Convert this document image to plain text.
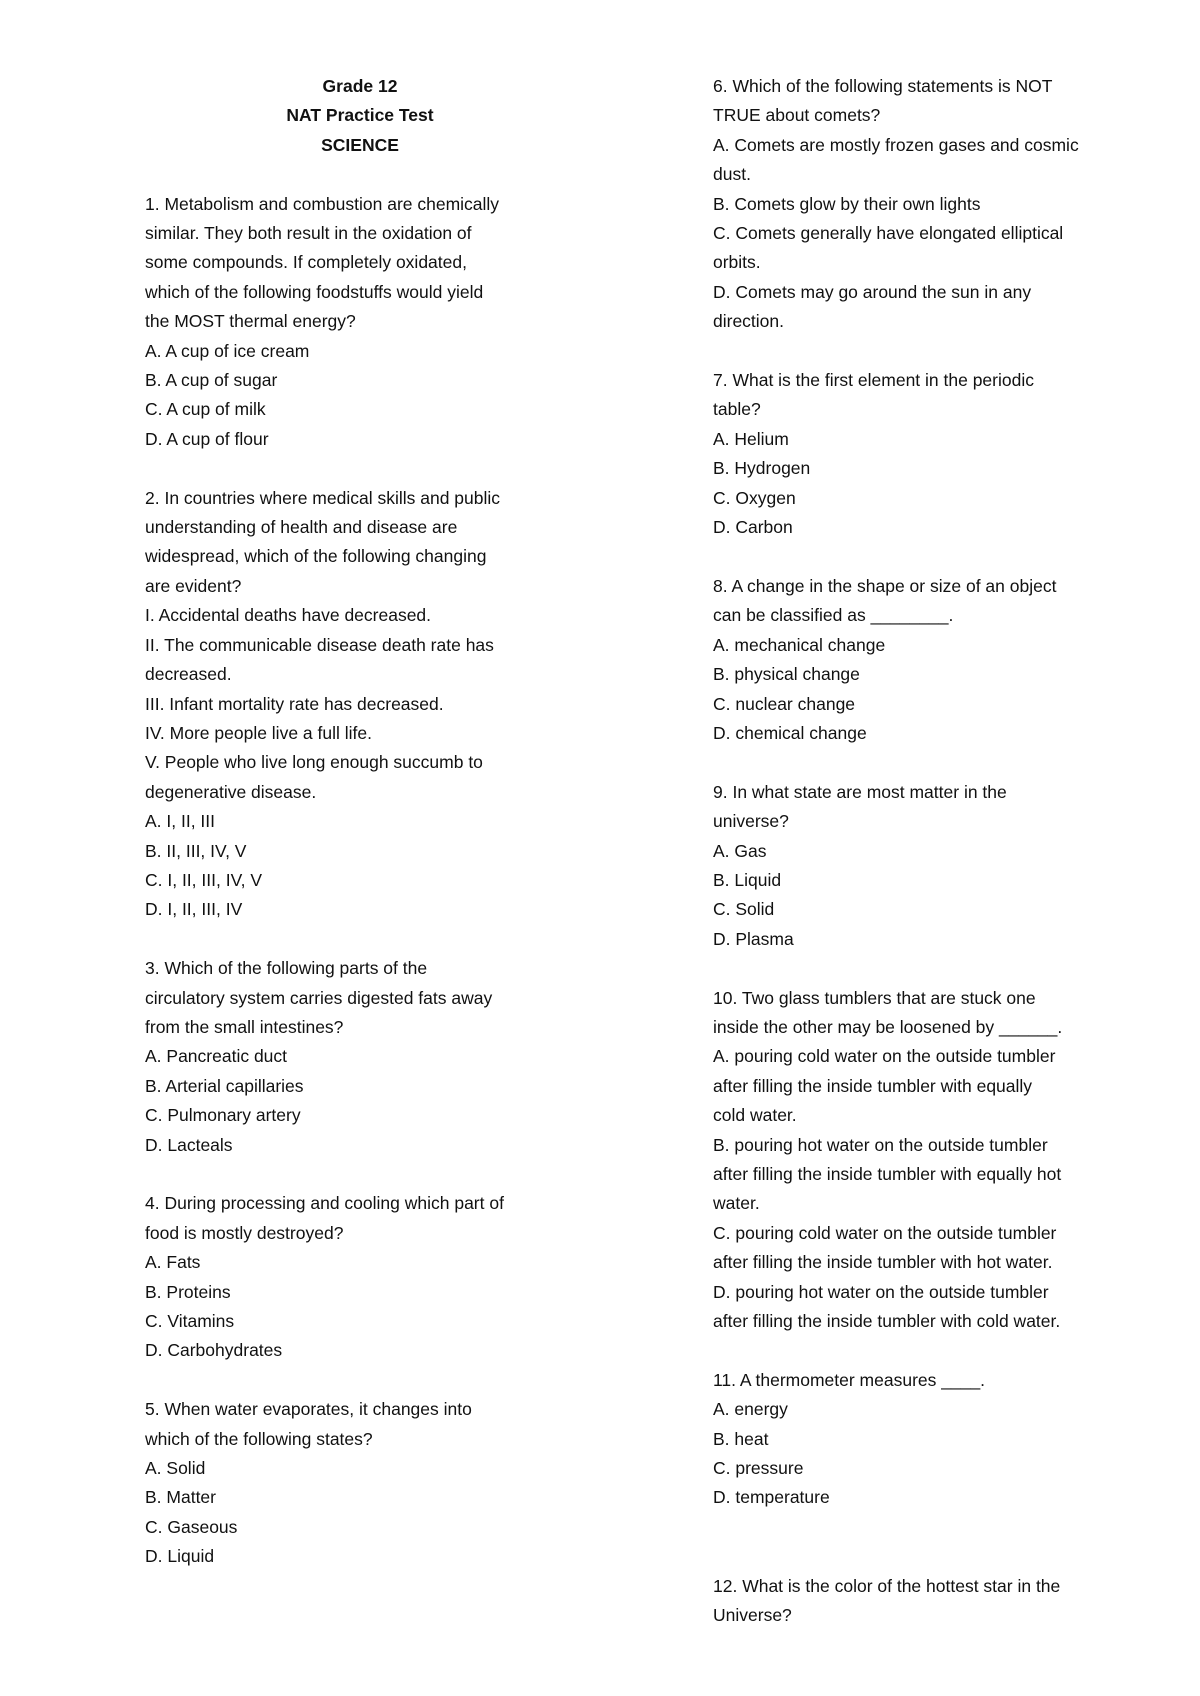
Grade 12
NAT Practice Test
SCIENCE
1. Metabolism and combustion are chemically
similar. They both result in the oxidation of
some compounds. If completely oxidated,
which of the following foodstuffs would yield
the MOST thermal energy?
A. A cup of ice cream
B. A cup of sugar
C. A cup of milk
D. A cup of flour
2. In countries where medical skills and public
understanding of health and disease are
widespread, which of the following changing
are evident?
I. Accidental deaths have decreased.
II. The communicable disease death rate has
decreased.
III. Infant mortality rate has decreased.
IV. More people live a full life.
V. People who live long enough succumb to
degenerative disease.
A. I, II, III
B. II, III, IV, V
C. I, II, III, IV, V
D. I, II, III, IV
3. Which of the following parts of the
circulatory system carries digested fats away
from the small intestines?
A. Pancreatic duct
B. Arterial capillaries
C. Pulmonary artery
D. Lacteals
4. During processing and cooling which part of
food is mostly destroyed?
A. Fats
B. Proteins
C. Vitamins
D. Carbohydrates
5. When water evaporates, it changes into
which of the following states?
A. Solid
B. Matter
C. Gaseous
D. Liquid
6. Which of the following statements is NOT
TRUE about comets?
A. Comets are mostly frozen gases and cosmic
dust.
B. Comets glow by their own lights
C. Comets generally have elongated elliptical
orbits.
D. Comets may go around the sun in any
direction.
7. What is the first element in the periodic
table?
A. Helium
B. Hydrogen
C. Oxygen
D. Carbon
8. A change in the shape or size of an object
can be classified as ________.
A. mechanical change
B. physical change
C. nuclear change
D. chemical change
9. In what state are most matter in the
universe?
A. Gas
B. Liquid
C. Solid
D. Plasma
10. Two glass tumblers that are stuck one
inside the other may be loosened by ______.
A. pouring cold water on the outside tumbler
after filling the inside tumbler with equally
cold water.
B. pouring hot water on the outside tumbler
after filling the inside tumbler with equally hot
water.
C. pouring cold water on the outside tumbler
after filling the inside tumbler with hot water.
D. pouring hot water on the outside tumbler
after filling the inside tumbler with cold water.
11. A thermometer measures ____.
A. energy
B. heat
C. pressure
D. temperature
12. What is the color of the hottest star in the
Universe?
